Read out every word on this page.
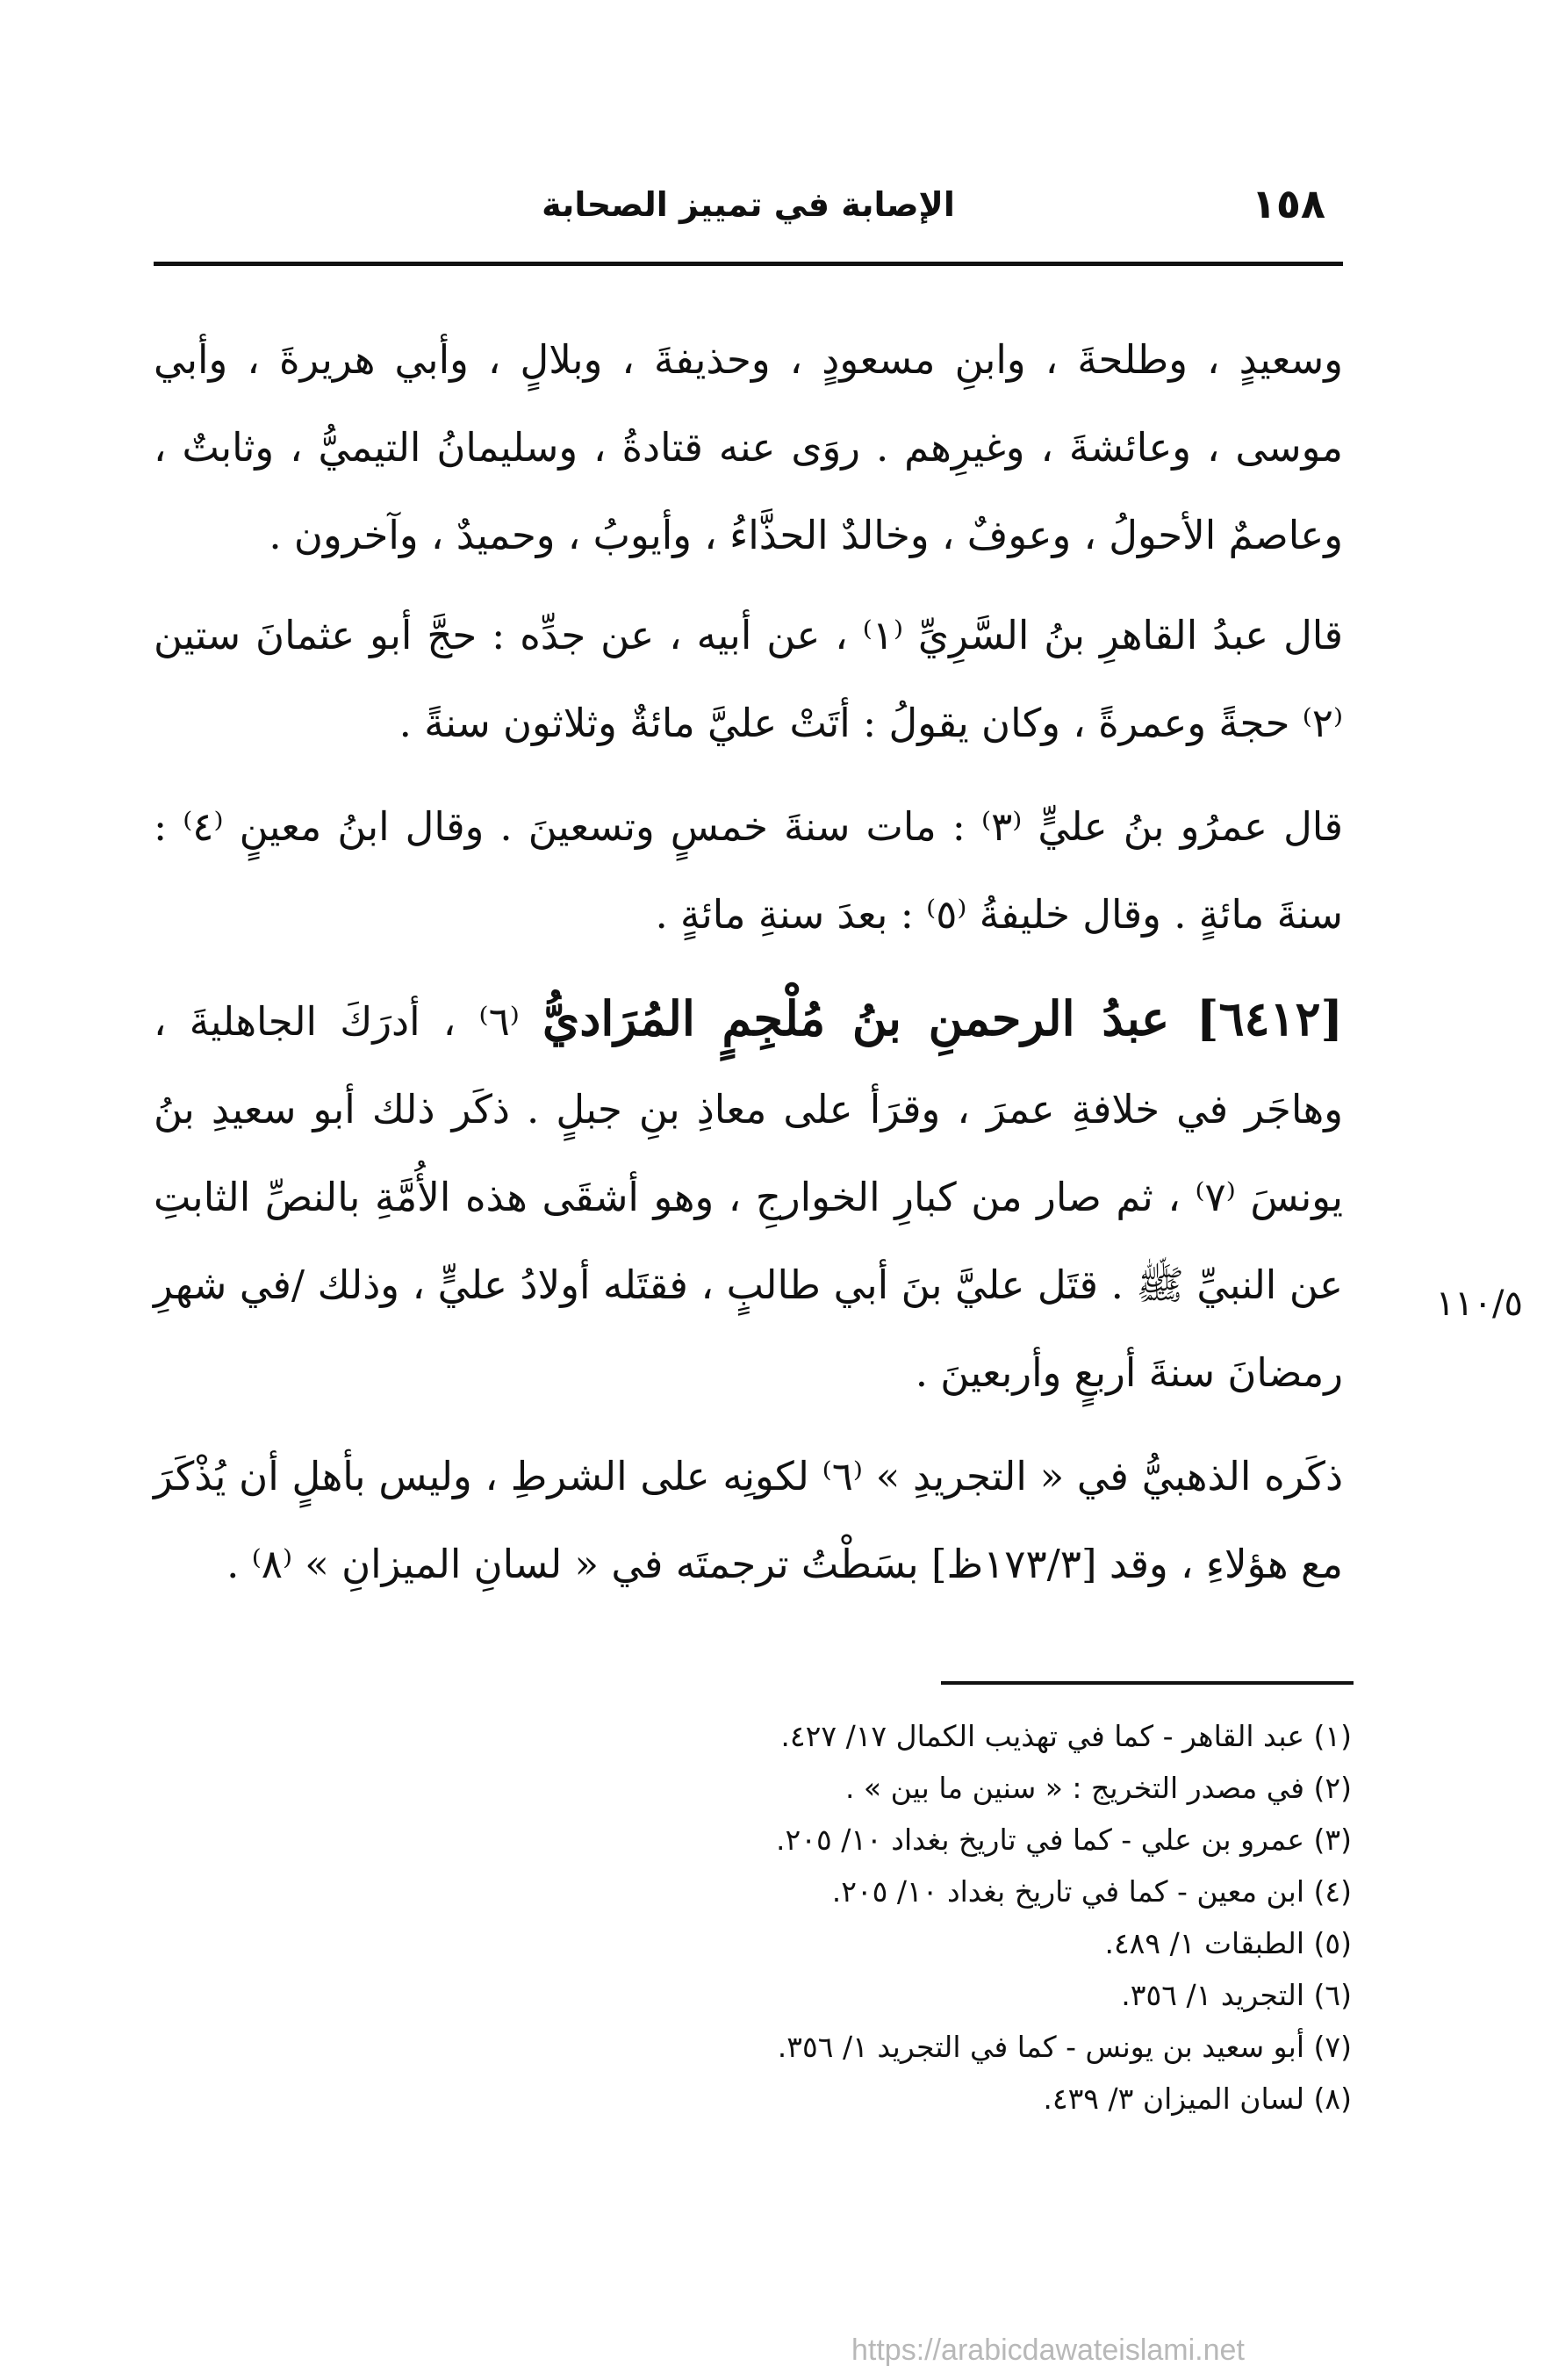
١٥٨
الإصابة في تمييز الصحابة

وسعيدٍ ، وطلحةَ ، وابنِ مسعودٍ ، وحذيفةَ ، وبلالٍ ، وأبي هريرةَ ، وأبي موسى ، وعائشةَ ، وغيرِهم . روَى عنه قتادةُ ، وسليمانُ التيميُّ ، وثابتٌ ، وعاصمٌ الأحولُ ، وعوفٌ ، وخالدٌ الحذَّاءُ ، وأيوبُ ، وحميدٌ ، وآخرون .

قال عبدُ القاهرِ بنُ السَّرِيِّ ⁽١⁾ ، عن أبيه ، عن جدِّه : حجَّ أبو عثمانَ ستين ⁽٢⁾ حجةً وعمرةً ، وكان يقولُ : أتَتْ عليَّ مائةٌ وثلاثون سنةً .

قال عمرُو بنُ عليٍّ ⁽٣⁾ : مات سنةَ خمسٍ وتسعينَ . وقال ابنُ معينٍ ⁽٤⁾ : سنةَ مائةٍ . وقال خليفةُ ⁽٥⁾ : بعدَ سنةِ مائةٍ .

[٦٤١٢] عبدُ الرحمنِ بنُ مُلْجِمٍ المُرَاديُّ ⁽٦⁾ ، أدرَكَ الجاهليةَ ، وهاجَر في خلافةِ عمرَ ، وقرَأ على معاذِ بنِ جبلٍ . ذكَر ذلك أبو سعيدِ بنُ يونسَ ⁽٧⁾ ، ثم صار من كبارِ الخوارجِ ، وهو أشقَى هذه الأُمَّةِ بالنصِّ الثابتِ عن النبيِّ ﷺ . قتَل عليَّ بنَ أبي طالبٍ ، فقتَله أولادُ عليٍّ ، وذلك /في شهرِ رمضانَ سنةَ أربعٍ وأربعينَ .

ذكَره الذهبيُّ في « التجريدِ » ⁽٦⁾ لكونِه على الشرطِ ، وليس بأهلٍ أن يُذْكَرَ مع هؤلاءِ ، وقد [١٧٣/٣ظ] بسَطْتُ ترجمتَه في « لسانِ الميزانِ » ⁽٨⁾ .

١١٠/٥
(١) عبد القاهر - كما في تهذيب الكمال ١٧/ ٤٢٧.
(٢) في مصدر التخريج : « سنين ما بين » .
(٣) عمرو بن علي - كما في تاريخ بغداد ١٠/ ٢٠٥.
(٤) ابن معين - كما في تاريخ بغداد ١٠/ ٢٠٥.
(٥) الطبقات ١/ ٤٨٩.
(٦) التجريد ١/ ٣٥٦.
(٧) أبو سعيد بن يونس - كما في التجريد ١/ ٣٥٦.
(٨) لسان الميزان ٣/ ٤٣٩.
https://arabicdawateislami.net
